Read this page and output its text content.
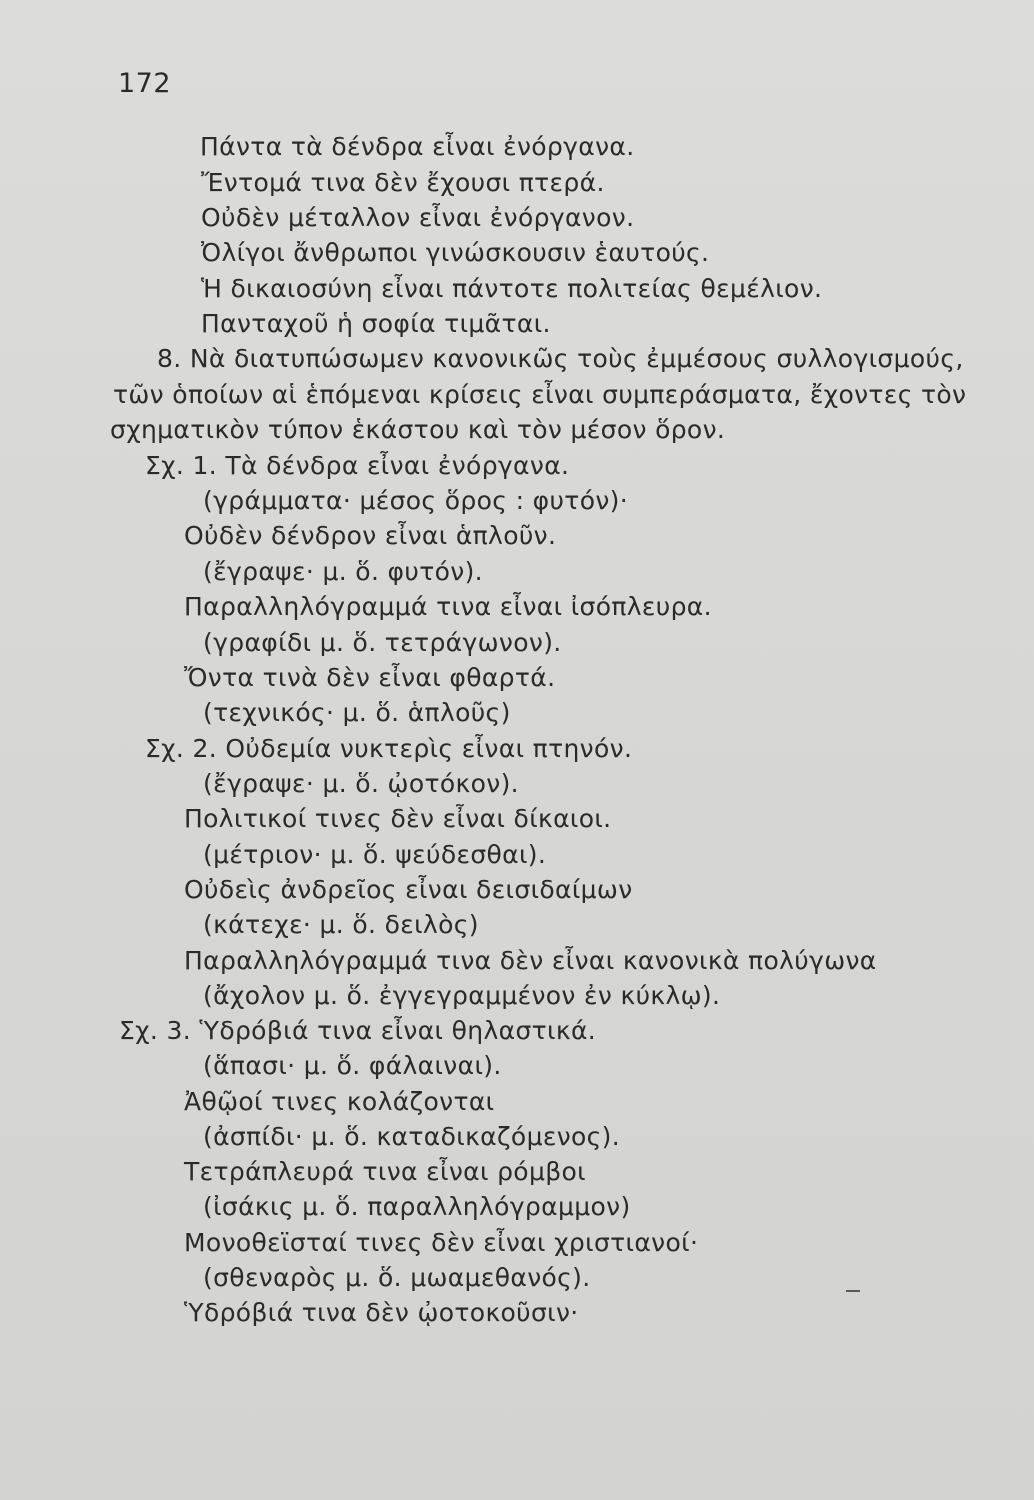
172
Πάντα τὰ δένδρα εἶναι ἐνόργανα.
Ἔντομά τινα δὲν ἔχουσι πτερά.
Οὐδὲν μέταλλον εἶναι ἐνόργανον.
Ὀλίγοι ἄνθρωποι γινώσκουσιν ἑαυτούς.
Ἡ δικαιοσύνη εἶναι πάντοτε πολιτείας θεμέλιον.
Πανταχοῦ ἡ σοφία τιμᾶται.
8. Νὰ διατυπώσωμεν κανονικῶς τοὺς ἐμμέσους συλλογισμούς,
τῶν ὁποίων αἱ ἑπόμεναι κρίσεις εἶναι συμπεράσματα, ἔχοντες τὸν
σχηματικὸν τύπον ἑκάστου καὶ τὸν μέσον ὅρον.
Σχ. 1. Τὰ δένδρα εἶναι ἐνόργανα.
(γράμματα· μέσος ὅρος : φυτόν)·
Οὐδὲν δένδρον εἶναι ἁπλοῦν.
(ἔγραψε· μ. ὅ. φυτόν).
Παραλληλόγραμμά τινα εἶναι ἰσόπλευρα.
(γραφίδι μ. ὅ. τετράγωνον).
Ὄντα τινὰ δὲν εἶναι φθαρτά.
(τεχνικός· μ. ὅ. ἁπλοῦς)
Σχ. 2. Οὐδεμία νυκτερὶς εἶναι πτηνόν.
(ἔγραψε· μ. ὅ. ᾠοτόκον).
Πολιτικοί τινες δὲν εἶναι δίκαιοι.
(μέτριον· μ. ὅ. ψεύδεσθαι).
Οὐδεὶς ἀνδρεῖος εἶναι δεισιδαίμων
(κάτεχε· μ. ὅ. δειλὸς)
Παραλληλόγραμμά τινα δὲν εἶναι κανονικὰ πολύγωνα
(ἄχολον μ. ὅ. ἐγγεγραμμένον ἐν κύκλῳ).
Σχ. 3. Ὑδρόβιά τινα εἶναι θηλαστικά.
(ἅπασι· μ. ὅ. φάλαιναι).
Ἀθῷοί τινες κολάζονται
(ἀσπίδι· μ. ὅ. καταδικαζόμενος).
Τετράπλευρά τινα εἶναι ρόμβοι
(ἰσάκις μ. ὅ. παραλληλόγραμμον)
Μονοθεϊσταί τινες δὲν εἶναι χριστιανοί·
(σθεναρὸς μ. ὅ. μωαμεθανός).
Ὑδρόβιά τινα δὲν ᾠοτοκοῦσιν·
